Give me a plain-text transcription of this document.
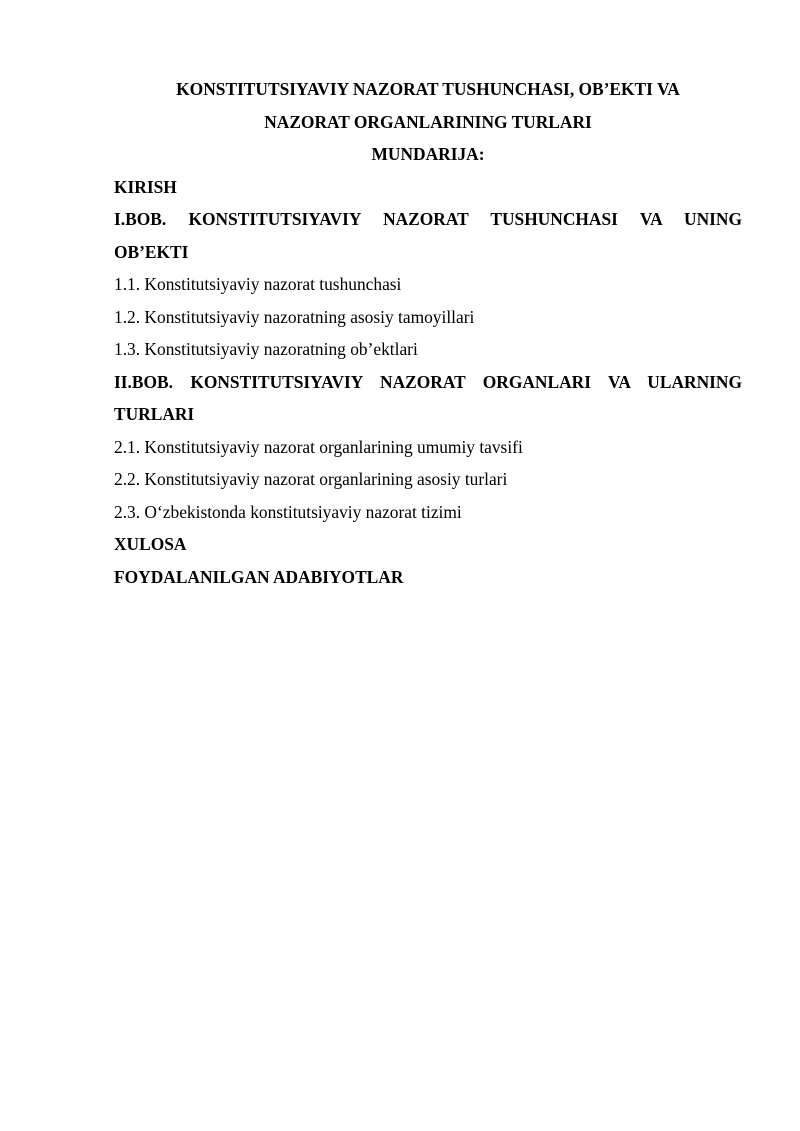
KONSTITUTSIYAVIY NAZORAT TUSHUNCHASI, OB’EKTI VA

NAZORAT ORGANLARINING TURLARI

MUNDARIJA:

KIRISH

I.BOB. KONSTITUTSIYAVIY NAZORAT TUSHUNCHASI VA UNING

OB’EKTI

1.1. Konstitutsiyaviy nazorat tushunchasi

1.2. Konstitutsiyaviy nazoratning asosiy tamoyillari

1.3. Konstitutsiyaviy nazoratning ob’ektlari

II.BOB. KONSTITUTSIYAVIY NAZORAT ORGANLARI VA ULARNING

TURLARI

2.1. Konstitutsiyaviy nazorat organlarining umumiy tavsifi

2.2. Konstitutsiyaviy nazorat organlarining asosiy turlari

2.3. O‘zbekistonda konstitutsiyaviy nazorat tizimi

XULOSA

FOYDALANILGAN ADABIYOTLAR
